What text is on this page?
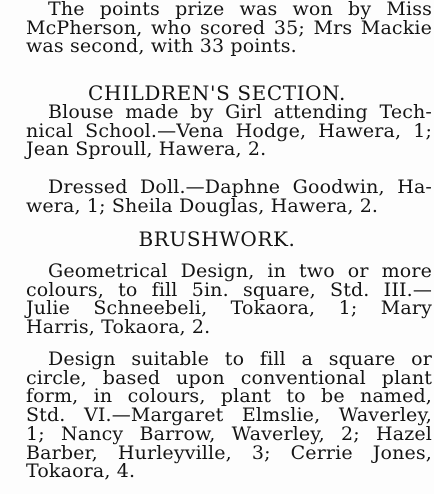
The points prize was won by Miss
McPherson, who scored 35; Mrs Mackie
was second, with 33 points.
CHILDREN'S SECTION.
Blouse made by Girl attending Tech-
nical School.—Vena Hodge, Hawera, 1;
Jean Sproull, Hawera, 2.
Dressed Doll.—Daphne Goodwin, Ha-
wera, 1; Sheila Douglas, Hawera, 2.
BRUSHWORK.
Geometrical Design, in two or more
colours, to fill 5in. square, Std. III.—
Julie Schneebeli, Tokaora, 1; Mary
Harris, Tokaora, 2.
Design suitable to fill a square or
circle, based upon conventional plant
form, in colours, plant to be named,
Std. VI.—Margaret Elmslie, Waverley,
1; Nancy Barrow, Waverley, 2; Hazel
Barber, Hurleyville, 3; Cerrie Jones,
Tokaora, 4.
